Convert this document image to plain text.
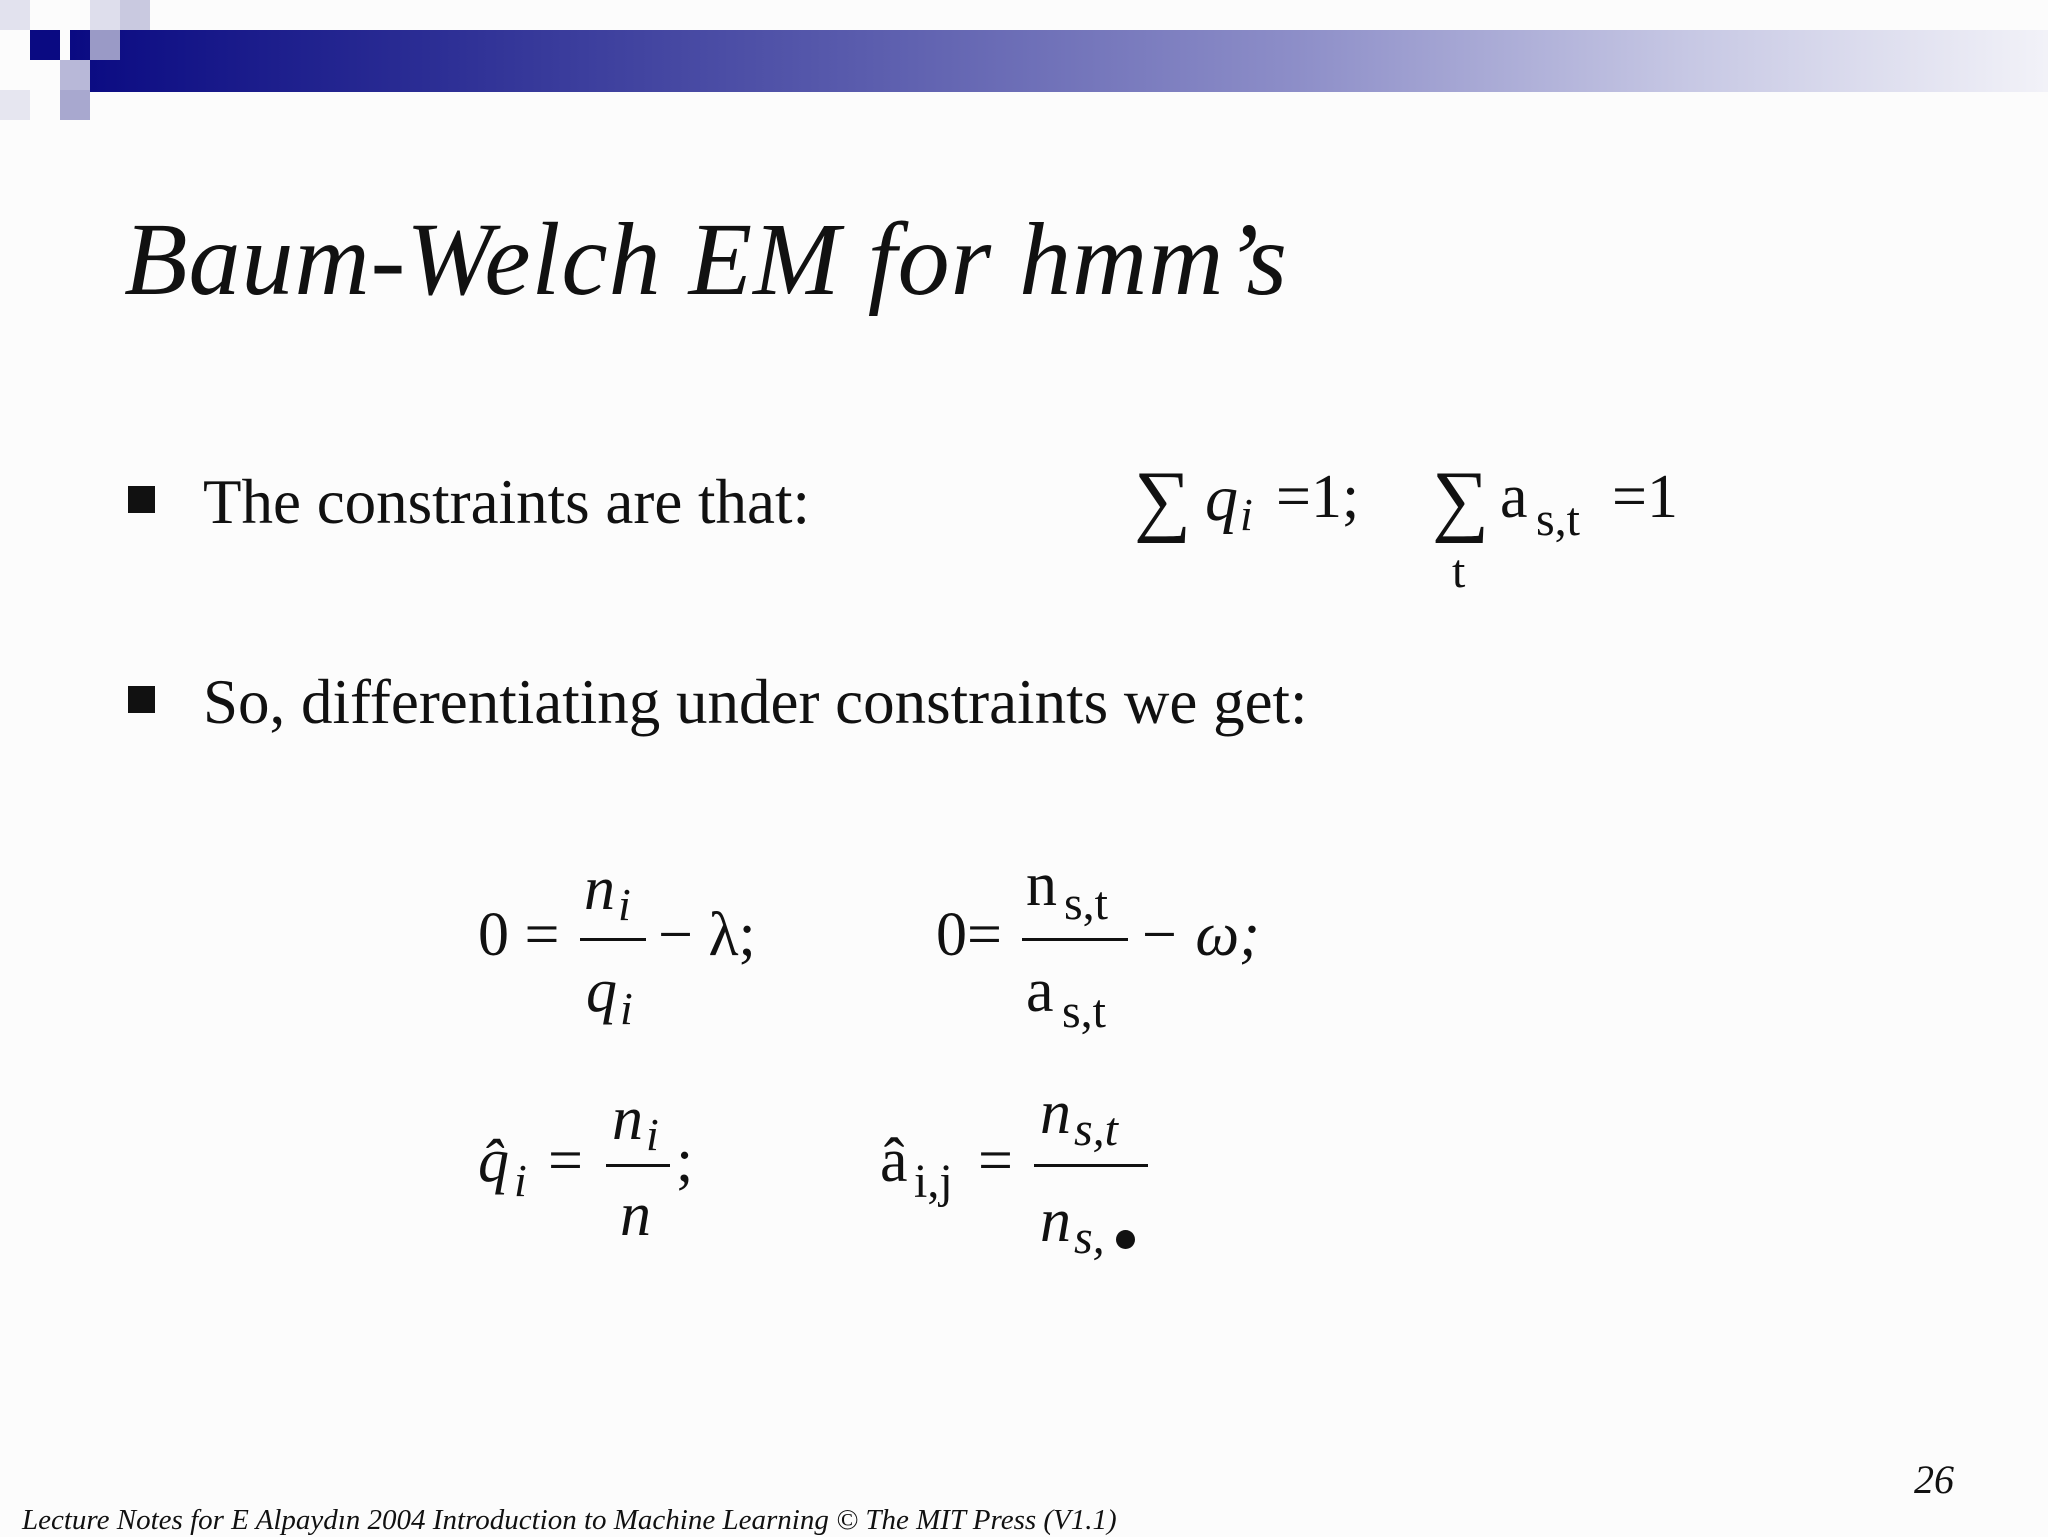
Baum-Welch EM for hmm’s
The constraints are that:	∑ q i =1; ∑
t
a s,t =1
So, differentiating under constraints we get:
0 =
n i
q i
− λ;	0=
n s,t
a s,t
− ω;
q̂ i =
n i
n
;	â i,j =
n s,t
n s,
26
Lecture Notes for E Alpaydın 2004 Introduction to Machine Learning © The MIT Press (V1.1)
